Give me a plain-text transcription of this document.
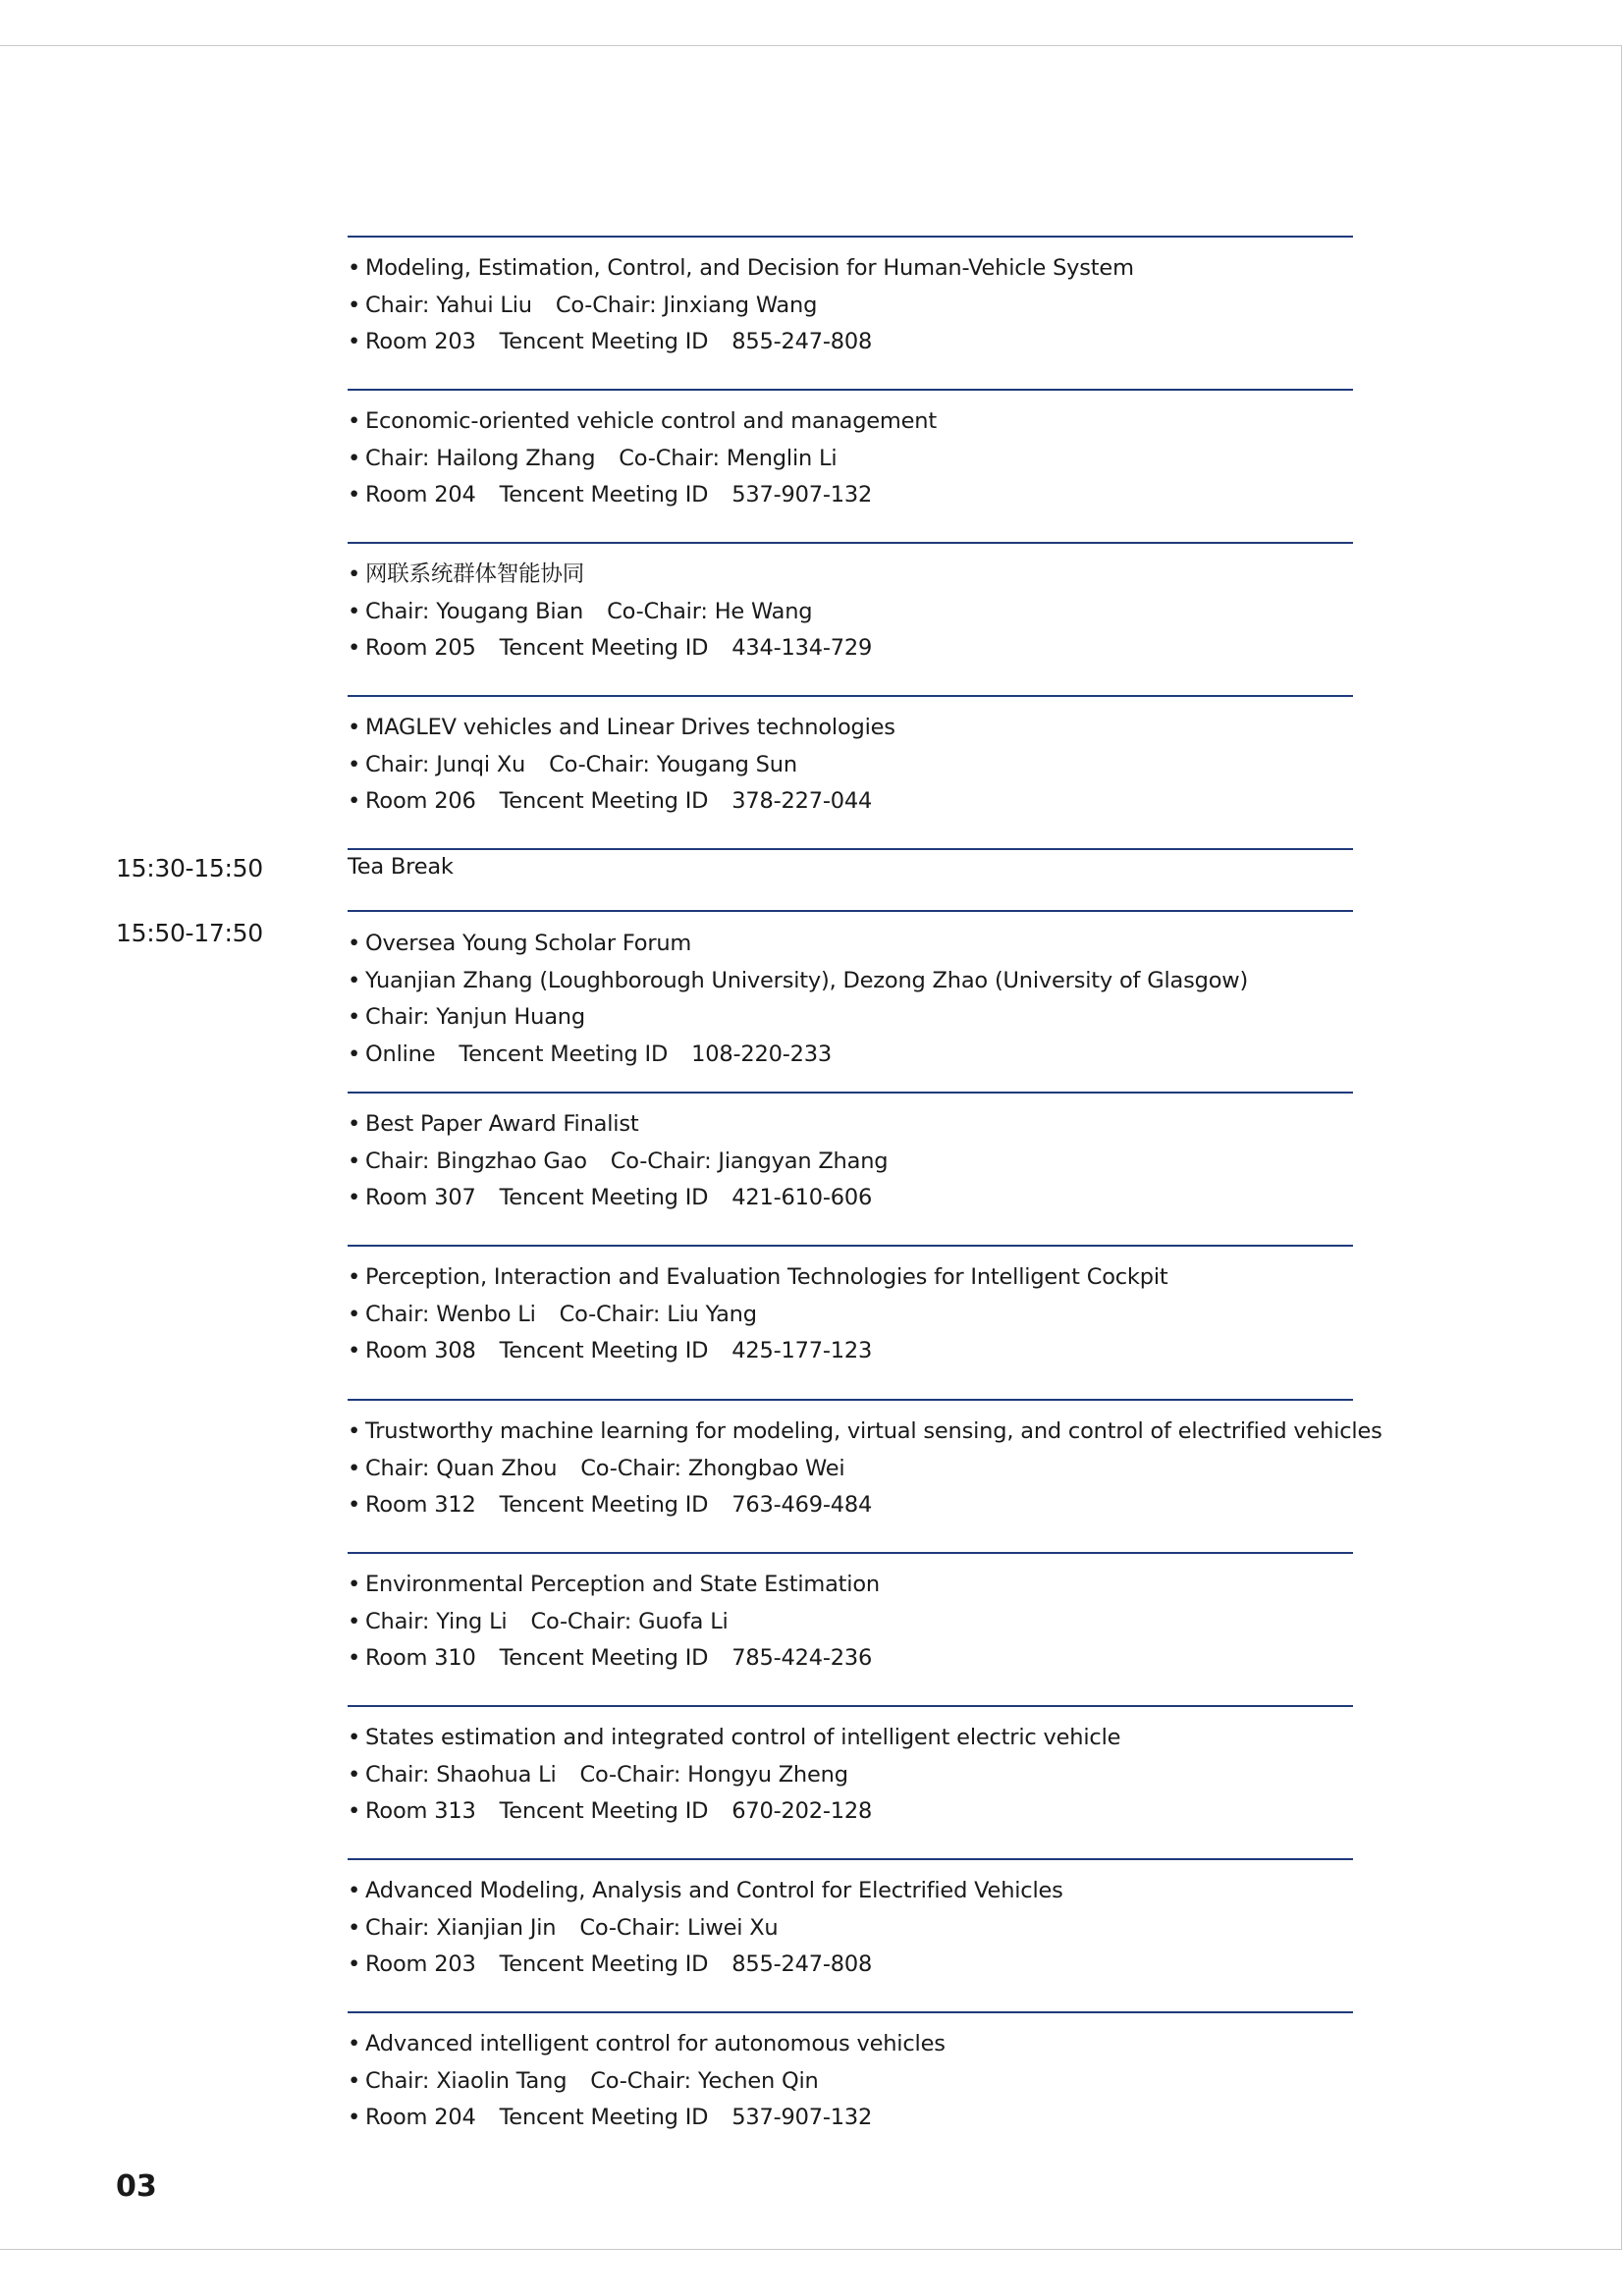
• Modeling, Estimation, Control, and Decision for Human-Vehicle System
• Chair: Yahui Liu Co-Chair: Jinxiang Wang
• Room 203 Tencent Meeting ID 855-247-808
• Economic-oriented vehicle control and management
• Chair: Hailong Zhang Co-Chair: Menglin Li
• Room 204 Tencent Meeting ID 537-907-132
• 网联系统群体智能协同
• Chair: Yougang Bian Co-Chair: He Wang
• Room 205 Tencent Meeting ID 434-134-729
• MAGLEV vehicles and Linear Drives technologies
• Chair: Junqi Xu Co-Chair: Yougang Sun
• Room 206 Tencent Meeting ID 378-227-044
• Oversea Young Scholar Forum
• Yuanjian Zhang (Loughborough University), Dezong Zhao (University of Glasgow)
• Chair: Yanjun Huang
• Online Tencent Meeting ID 108-220-233
• Best Paper Award Finalist
• Chair: Bingzhao Gao Co-Chair: Jiangyan Zhang
• Room 307 Tencent Meeting ID 421-610-606
• Perception, Interaction and Evaluation Technologies for Intelligent Cockpit
• Chair: Wenbo Li Co-Chair: Liu Yang
• Room 308 Tencent Meeting ID 425-177-123
• Trustworthy machine learning for modeling, virtual sensing, and control of electrified vehicles
• Chair: Quan Zhou Co-Chair: Zhongbao Wei
• Room 312 Tencent Meeting ID 763-469-484
• Environmental Perception and State Estimation
• Chair: Ying Li Co-Chair: Guofa Li
• Room 310 Tencent Meeting ID 785-424-236
• States estimation and integrated control of intelligent electric vehicle
• Chair: Shaohua Li Co-Chair: Hongyu Zheng
• Room 313 Tencent Meeting ID 670-202-128
• Advanced Modeling, Analysis and Control for Electrified Vehicles
• Chair: Xianjian Jin Co-Chair: Liwei Xu
• Room 203 Tencent Meeting ID 855-247-808
• Advanced intelligent control for autonomous vehicles
• Chair: Xiaolin Tang Co-Chair: Yechen Qin
• Room 204 Tencent Meeting ID 537-907-132
15:30-15:50	Tea Break
15:50-17:50
03
